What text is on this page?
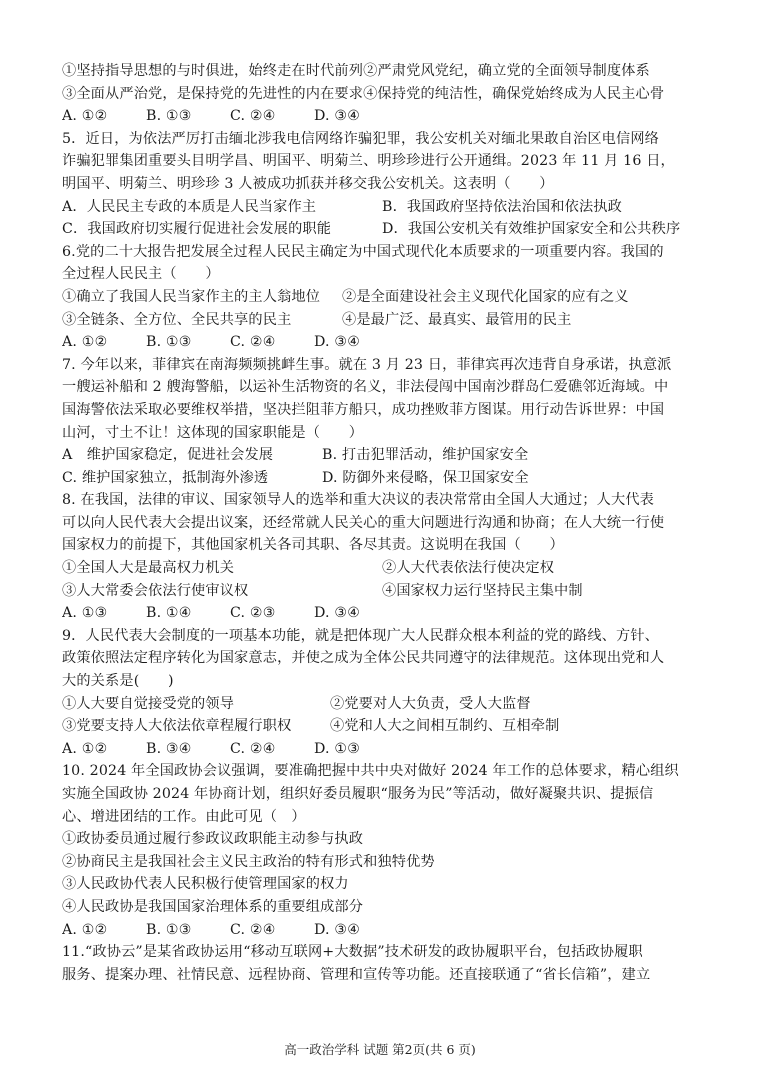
①坚持指导思想的与时俱进，始终走在时代前列②严肃党风党纪，确立党的全面领导制度体系
③全面从严治党，是保持党的先进性的内在要求④保持党的纯洁性，确保党始终成为人民主心骨
A. ①②	B. ①③	C. ②④	D. ③④
5．近日，为依法严厉打击缅北涉我电信网络诈骗犯罪，我公安机关对缅北果敢自治区电信网络
诈骗犯罪集团重要头目明学昌、明国平、明菊兰、明珍珍进行公开通缉。2023 年 11 月 16 日，
明国平、明菊兰、明珍珍 3 人被成功抓获并移交我公安机关。这表明（　　）
A．人民民主专政的本质是人民当家作主	B．我国政府坚持依法治国和依法执政
C．我国政府切实履行促进社会发展的职能	D．我国公安机关有效维护国家安全和公共秩序
6.党的二十大报告把发展全过程人民民主确定为中国式现代化本质要求的一项重要内容。我国的
全过程人民民主（　　）
①确立了我国人民当家作主的主人翁地位	②是全面建设社会主义现代化国家的应有之义
③全链条、全方位、全民共享的民主	④是最广泛、最真实、最管用的民主
A. ①②	B. ①③	C. ②④	D. ③④
7. 今年以来，菲律宾在南海频频挑衅生事。就在 3 月 23 日，菲律宾再次违背自身承诺，执意派
一艘运补船和 2 艘海警船，以运补生活物资的名义，非法侵闯中国南沙群岛仁爱礁邻近海域。中
国海警依法采取必要维权举措，坚决拦阻菲方船只，成功挫败菲方图谋。用行动告诉世界：中国
山河，寸土不让！这体现的国家职能是（　　）
A　维护国家稳定，促进社会发展	B. 打击犯罪活动，维护国家安全
C. 维护国家独立，抵制海外渗透	D. 防御外来侵略，保卫国家安全
8. 在我国，法律的审议、国家领导人的选举和重大决议的表决常常由全国人大通过；人大代表
可以向人民代表大会提出议案，还经常就人民关心的重大问题进行沟通和协商；在人大统一行使
国家权力的前提下，其他国家机关各司其职、各尽其责。这说明在我国（　　）
①全国人大是最高权力机关	②人大代表依法行使决定权
③人大常委会依法行使审议权	④国家权力运行坚持民主集中制
A. ①③	B. ①④	C. ②③	D. ③④
9．人民代表大会制度的一项基本功能，就是把体现广大人民群众根本利益的党的路线、方针、
政策依照法定程序转化为国家意志，并使之成为全体公民共同遵守的法律规范。这体现出党和人
大的关系是(　　)
①人大要自觉接受党的领导	②党要对人大负责，受人大监督
③党要支持人大依法依章程履行职权	④党和人大之间相互制约、互相牵制
A. ①②	B. ③④	C. ②④	D. ①③
10. 2024 年全国政协会议强调，要准确把握中共中央对做好 2024 年工作的总体要求，精心组织
实施全国政协 2024 年协商计划，组织好委员履职“服务为民”等活动，做好凝聚共识、提振信
心、增进团结的工作。由此可见（　）
①政协委员通过履行参政议政职能主动参与执政
②协商民主是我国社会主义民主政治的特有形式和独特优势
③人民政协代表人民积极行使管理国家的权力
④人民政协是我国国家治理体系的重要组成部分
A. ①②	B. ①③	C. ②④	D. ③④
11.“政协云”是某省政协运用“移动互联网+大数据”技术研发的政协履职平台，包括政协履职
服务、提案办理、社情民意、远程协商、管理和宣传等功能。还直接联通了“省长信箱”，建立
高一政治学科 试题 第2页(共 6 页)
